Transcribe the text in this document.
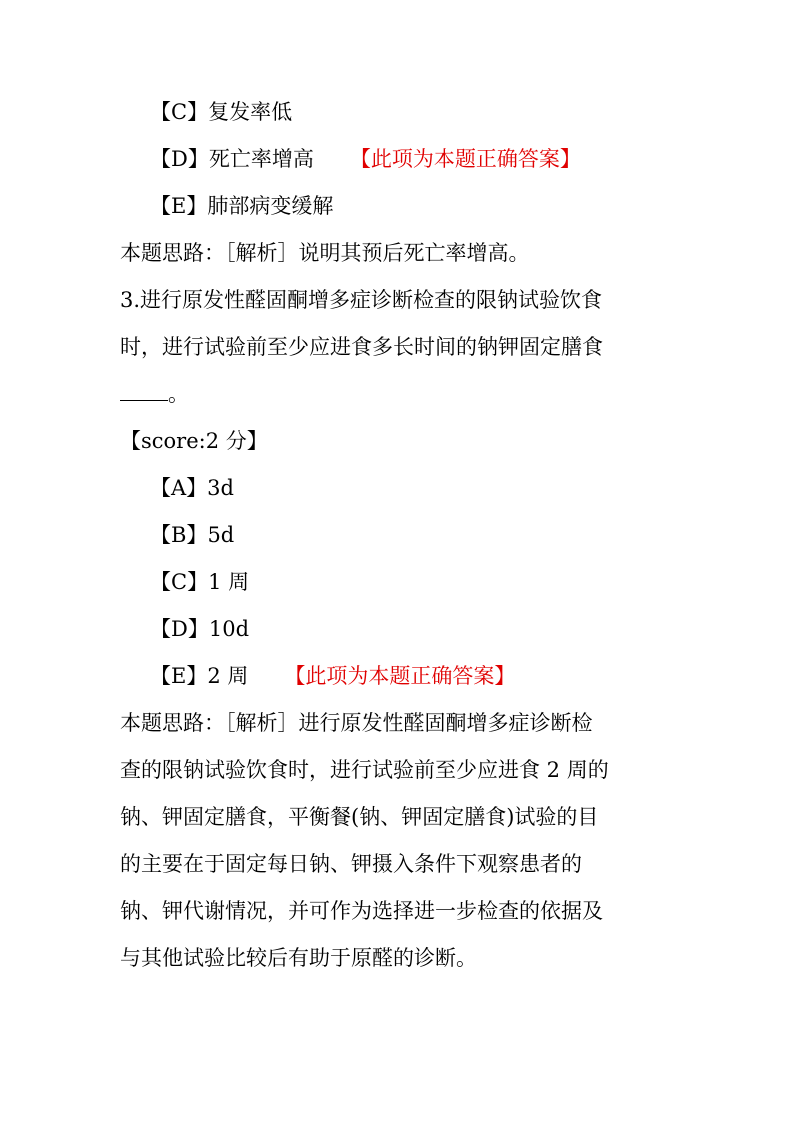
【C】复发率低
【D】死亡率增高 【此项为本题正确答案】
【E】肺部病变缓解
本题思路：［解析］说明其预后死亡率增高。
3.进行原发性醛固酮增多症诊断检查的限钠试验饮食
时，进行试验前至少应进食多长时间的钠钾固定膳食
。
【score:2 分】
【A】3d
【B】5d
【C】1 周
【D】10d
【E】2 周 【此项为本题正确答案】
本题思路：［解析］进行原发性醛固酮增多症诊断检
查的限钠试验饮食时，进行试验前至少应进食 2 周的
钠、钾固定膳食，平衡餐(钠、钾固定膳食)试验的目
的主要在于固定每日钠、钾摄入条件下观察患者的
钠、钾代谢情况，并可作为选择进一步检查的依据及
与其他试验比较后有助于原醛的诊断。
